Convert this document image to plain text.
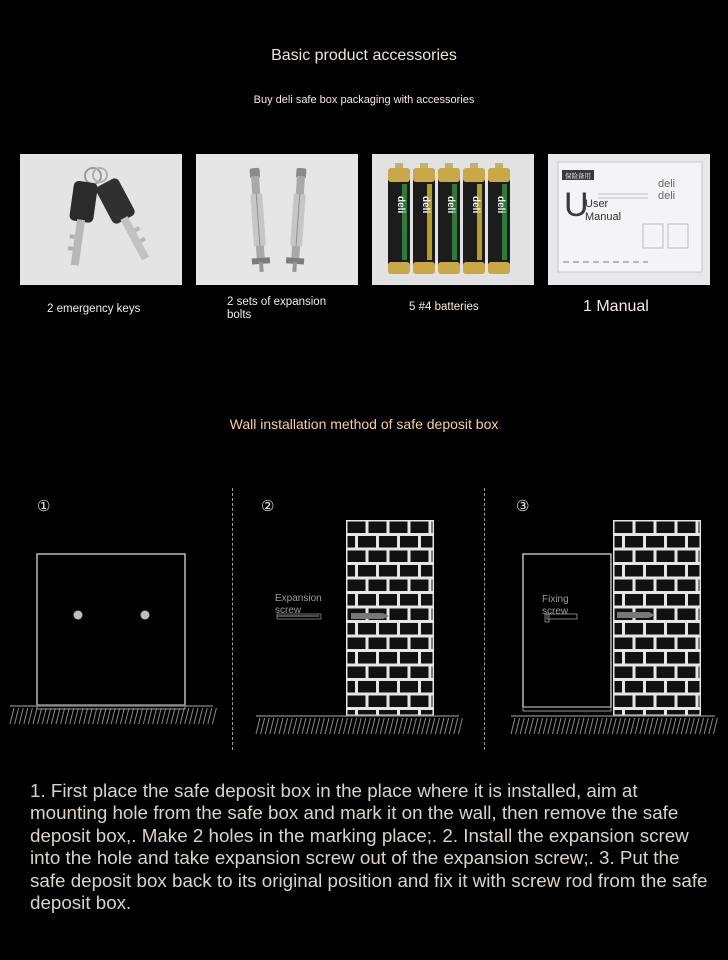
Basic product accessories
Buy deli safe box packaging with accessories
2 emergency keys
2 sets of expansion bolts
deli deli deli deli deli
5 #4 batteries
保险备用
U
User
Manual
deli
deli
1 Manual
Wall installation method of safe deposit box
①	②	③
Expansion
screw
Fixing
screw
1. First place the safe deposit box in the place where it is installed, aim at mounting hole from the safe box and mark it on the wall, then remove the safe deposit box,. Make 2 holes in the marking place;. 2. Install the expansion screw into the hole and take expansion screw out of the expansion screw;. 3. Put the safe deposit box back to its original position and fix it with screw rod from the safe deposit box.
